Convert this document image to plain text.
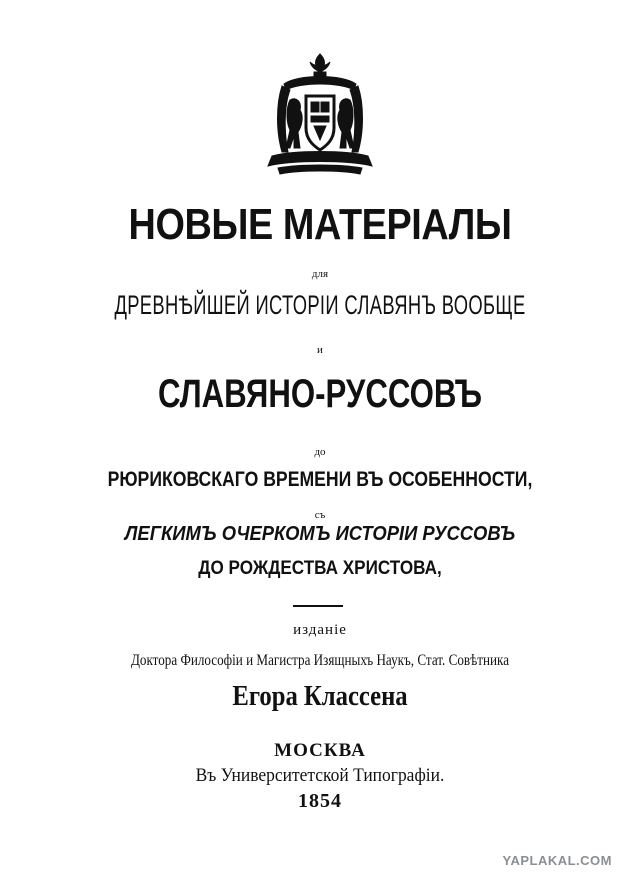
НОВЫЕ МАТЕРІАЛЫ
для
ДРЕВНѢЙШЕЙ ИСТОРІИ СЛАВЯНЪ ВООБЩЕ
и
СЛАВЯНО-РУССОВЪ
до
РЮРИКОВСКАГО ВРЕМЕНИ ВЪ ОСОБЕННОСТИ,
съ
ЛЕГКИМЪ ОЧЕРКОМЪ ИСТОРІИ РУССОВЪ
ДО РОЖДЕСТВА ХРИСТОВА,
изданіе
Доктора Философіи и Магистра Изящныхъ Наукъ, Стат. Совѣтника
Егора Классена
МОСКВА
Въ Университетской Типографіи.
1854
YAPLAKAL.COM
